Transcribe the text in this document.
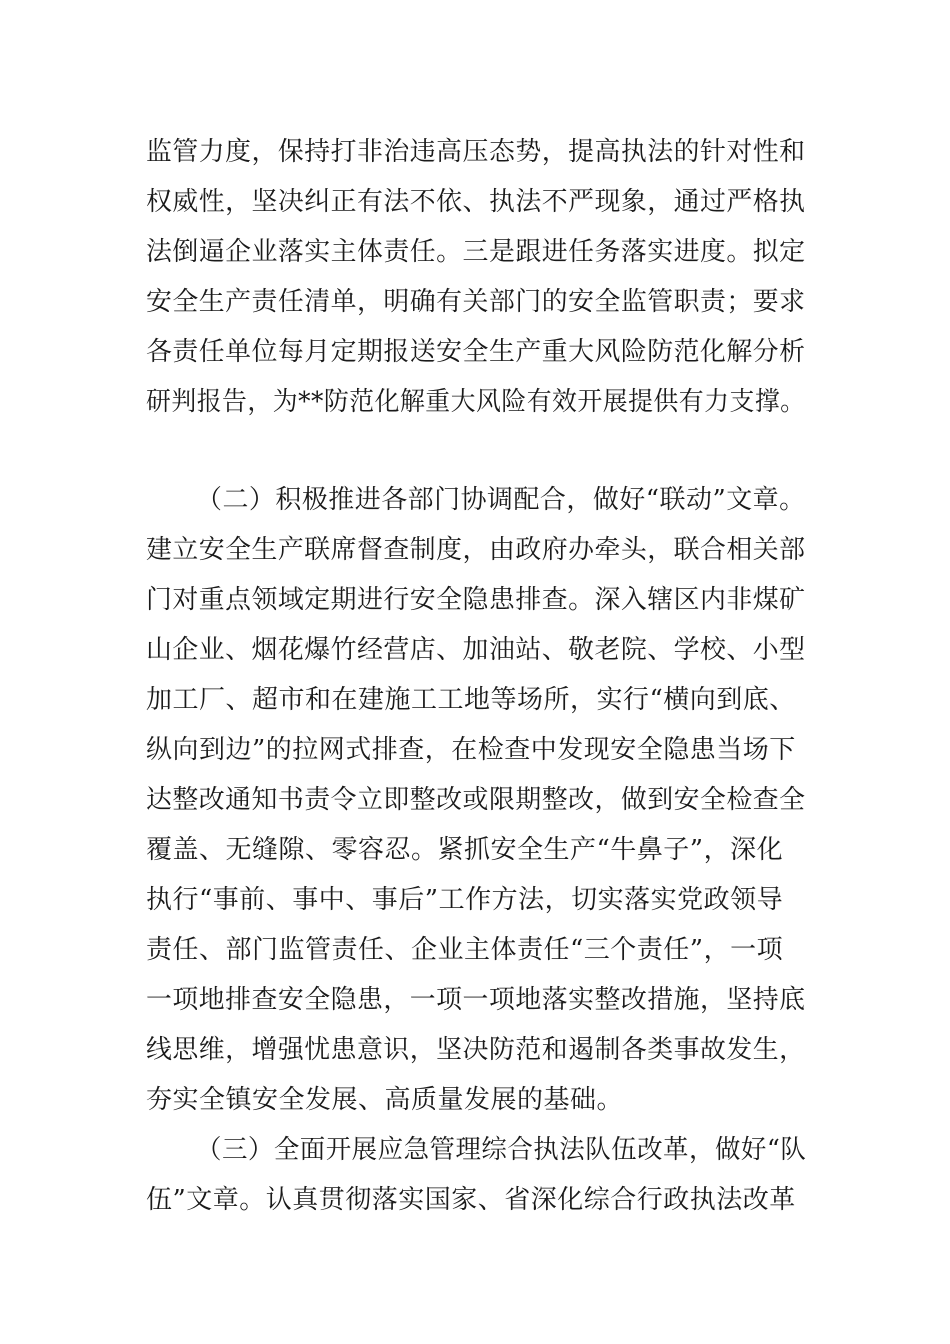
监管力度，保持打非治违高压态势，提高执法的针对性和
权威性，坚决纠正有法不依、执法不严现象，通过严格执
法倒逼企业落实主体责任。三是跟进任务落实进度。拟定
安全生产责任清单，明确有关部门的安全监管职责；要求
各责任单位每月定期报送安全生产重大风险防范化解分析
研判报告，为**防范化解重大风险有效开展提供有力支撑。
（二）积极推进各部门协调配合，做好“联动”文章。
建立安全生产联席督查制度，由政府办牵头，联合相关部
门对重点领域定期进行安全隐患排查。深入辖区内非煤矿
山企业、烟花爆竹经营店、加油站、敬老院、学校、小型
加工厂、超市和在建施工工地等场所，实行“横向到底、
纵向到边”的拉网式排查，在检查中发现安全隐患当场下
达整改通知书责令立即整改或限期整改，做到安全检查全
覆盖、无缝隙、零容忍。紧抓安全生产“牛鼻子”，深化
执行“事前、事中、事后”工作方法，切实落实党政领导
责任、部门监管责任、企业主体责任“三个责任”，一项
一项地排查安全隐患，一项一项地落实整改措施，坚持底
线思维，增强忧患意识，坚决防范和遏制各类事故发生，
夯实全镇安全发展、高质量发展的基础。
（三）全面开展应急管理综合执法队伍改革，做好“队
伍”文章。认真贯彻落实国家、省深化综合行政执法改革
